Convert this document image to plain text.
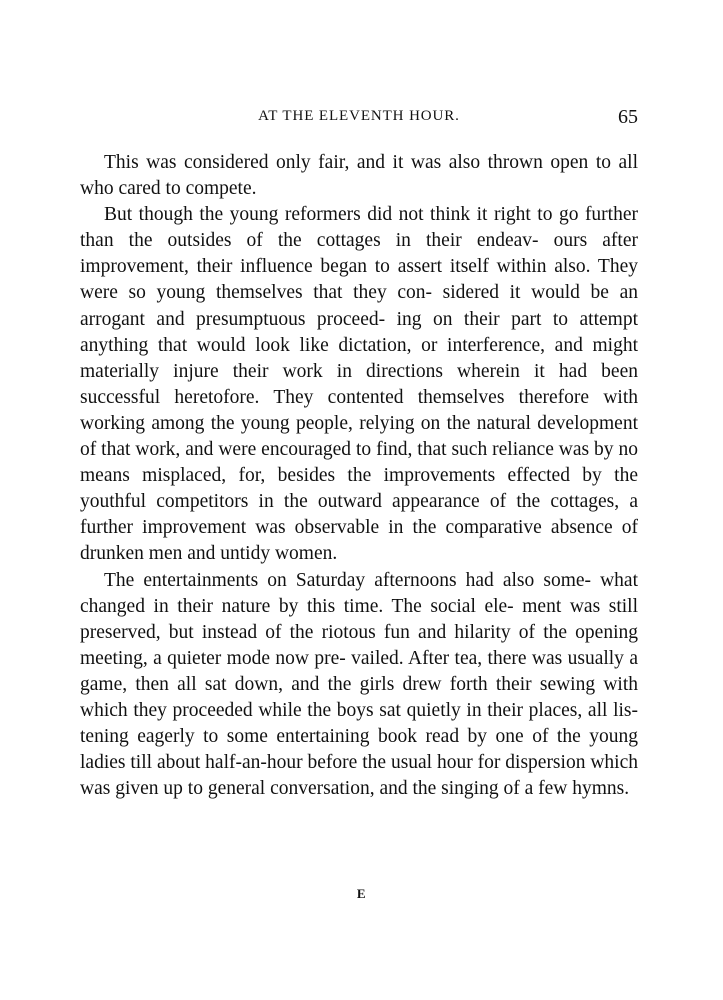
AT THE ELEVENTH HOUR.	65

This was considered only fair, and it was also thrown open to all who cared to compete.

But though the young reformers did not think it right to go further than the outsides of the cottages in their endeav- ours after improvement, their influence began to assert itself within also. They were so young themselves that they con- sidered it would be an arrogant and presumptuous proceed- ing on their part to attempt anything that would look like dictation, or interference, and might materially injure their work in directions wherein it had been successful heretofore. They contented themselves therefore with working among the young people, relying on the natural development of that work, and were encouraged to find, that such reliance was by no means misplaced, for, besides the improvements effected by the youthful competitors in the outward appearance of the cottages, a further improvement was observable in the comparative absence of drunken men and untidy women.

The entertainments on Saturday afternoons had also some- what changed in their nature by this time. The social ele- ment was still preserved, but instead of the riotous fun and hilarity of the opening meeting, a quieter mode now pre- vailed. After tea, there was usually a game, then all sat down, and the girls drew forth their sewing with which they proceeded while the boys sat quietly in their places, all lis- tening eagerly to some entertaining book read by one of the young ladies till about half-an-hour before the usual hour for dispersion which was given up to general conversation, and the singing of a few hymns.

E
